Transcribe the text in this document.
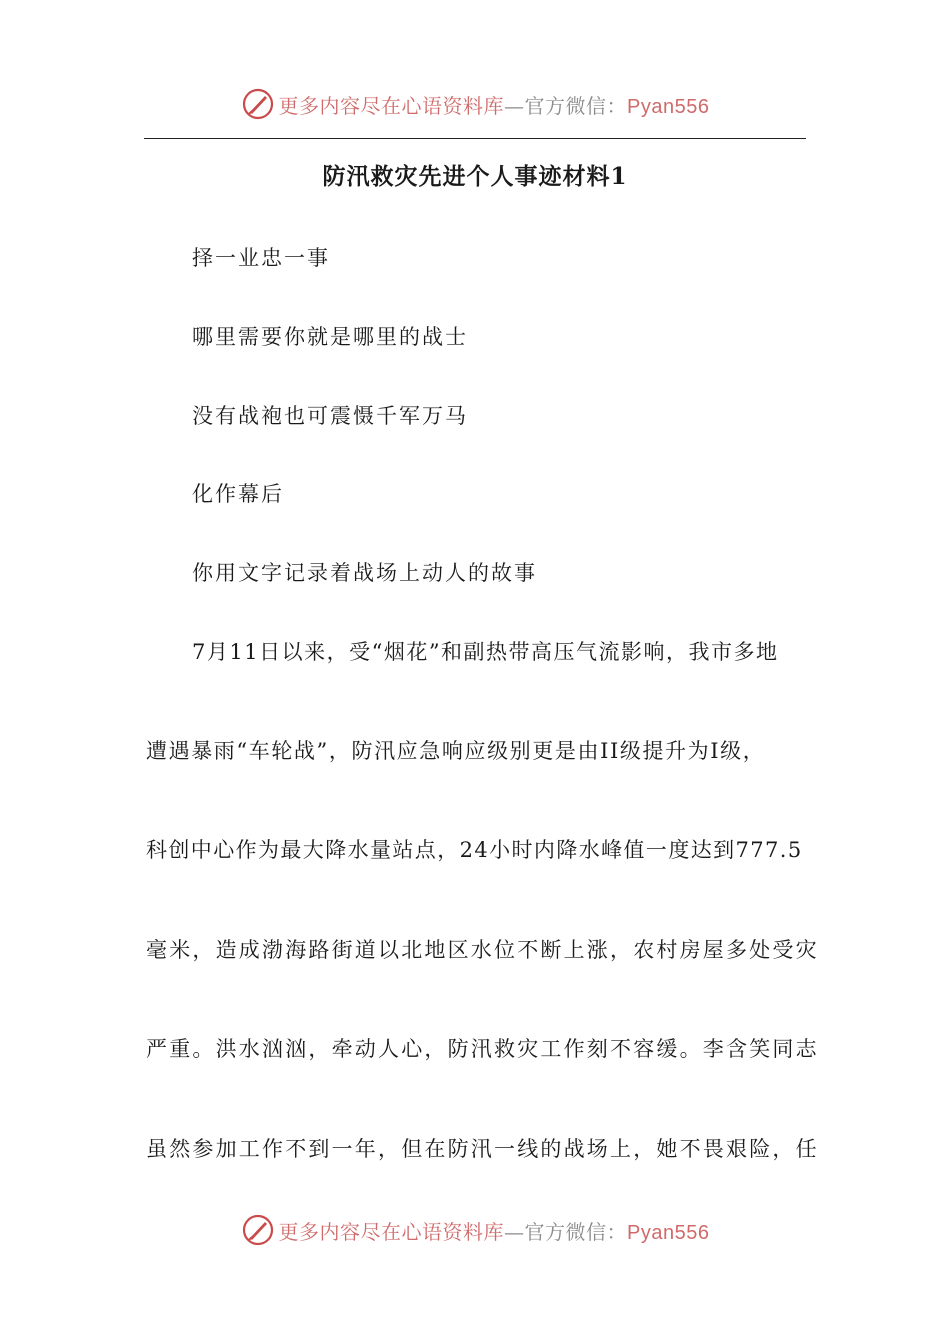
更多内容尽在心语资料库—官方微信：Pyan556
防汛救灾先进个人事迹材料1
择一业忠一事
哪里需要你就是哪里的战士
没有战袍也可震慑千军万马
化作幕后
你用文字记录着战场上动人的故事
7月11日以来，受“烟花”和副热带高压气流影响，我市多地
遭遇暴雨“车轮战”，防汛应急响应级别更是由II级提升为I级，
科创中心作为最大降水量站点，24小时内降水峰值一度达到777.5
毫米，造成渤海路街道以北地区水位不断上涨，农村房屋多处受灾
严重。洪水汹汹，牵动人心，防汛救灾工作刻不容缓。李含笑同志
虽然参加工作不到一年，但在防汛一线的战场上，她不畏艰险，任
更多内容尽在心语资料库—官方微信：Pyan556
